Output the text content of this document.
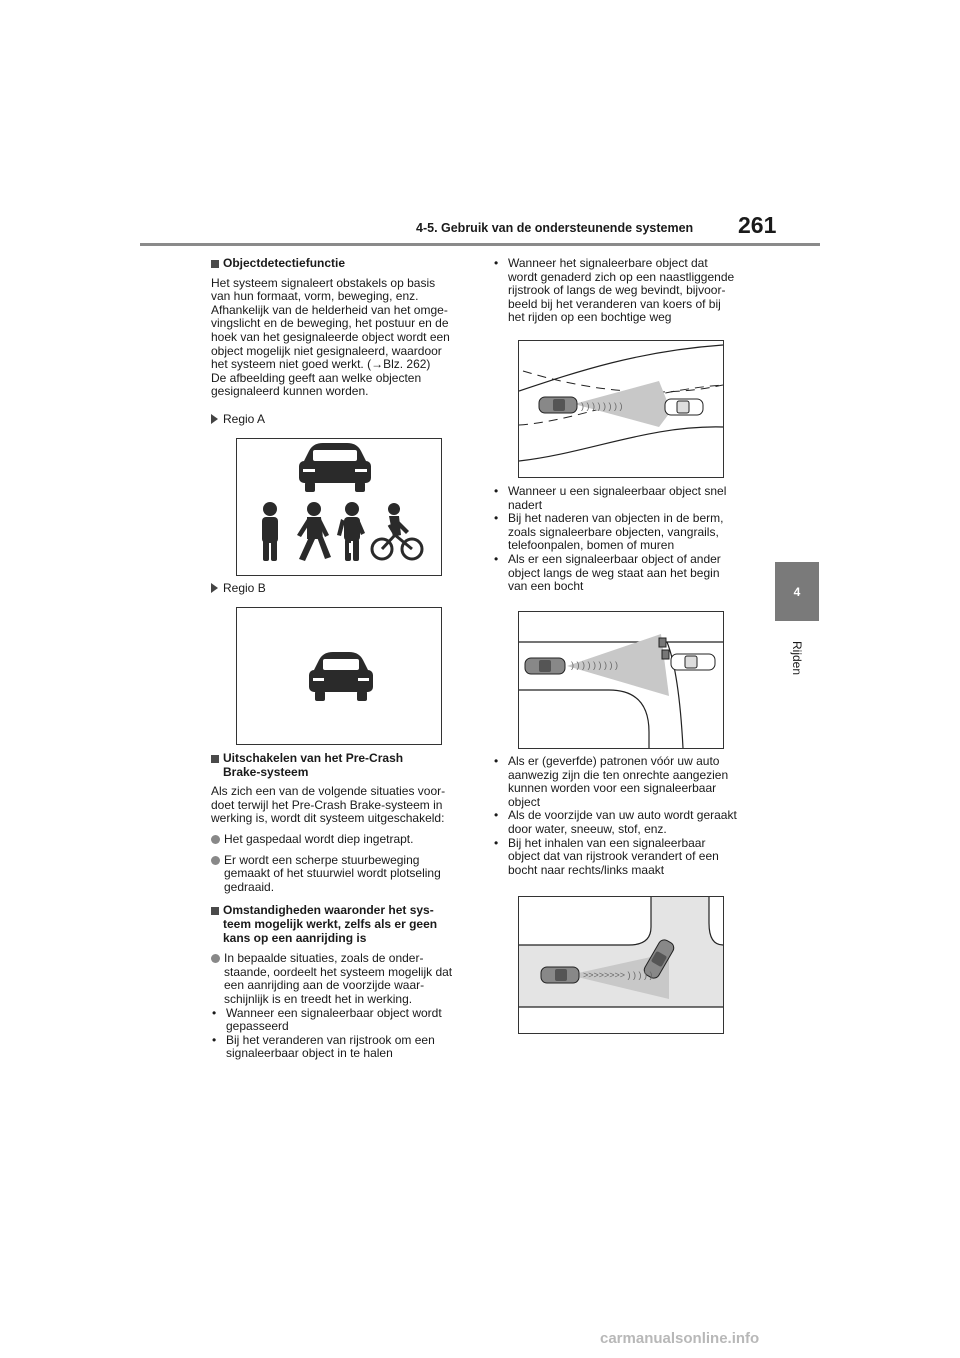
4-5. Gebruik van de ondersteunende systemen 261
4
Rijden
Objectdetectiefunctie

Het systeem signaleert obstakels op basis

van hun formaat, vorm, beweging, enz.

Afhankelijk van de helderheid van het omge-

vingslicht en de beweging, het postuur en de

hoek van het gesignaleerde object wordt een

object mogelijk niet gesignaleerd, waardoor

het systeem niet goed werkt. (→Blz. 262)

De afbeelding geeft aan welke objecten

gesignaleerd kunnen worden.

Regio A
Regio B

Uitschakelen van het Pre-Crash

Brake-systeem

Als zich een van de volgende situaties voor-

doet terwijl het Pre-Crash Brake-systeem in

werking is, wordt dit systeem uitgeschakeld:

Het gaspedaal wordt diep ingetrapt.

Er wordt een scherpe stuurbeweging

gemaakt of het stuurwiel wordt plotseling

gedraaid.

Omstandigheden waaronder het sys-

teem mogelijk werkt, zelfs als er geen

kans op een aanrijding is

In bepaalde situaties, zoals de onder-

staande, oordeelt het systeem mogelijk dat

een aanrijding aan de voorzijde waar-

schijnlijk is en treedt het in werking.

• Wanneer een signaleerbaar object wordt

gepasseerd

• Bij het veranderen van rijstrook om een

signaleerbaar object in te halen

• Wanneer het signaleerbare object dat

wordt genaderd zich op een naastliggende

rijstrook of langs de weg bevindt, bijvoor-

beeld bij het veranderen van koers of bij

het rijden op een bochtige weg

) ) ) ) ) ) ) )
• Wanneer u een signaleerbaar object snel

nadert

• Bij het naderen van objecten in de berm,

zoals signaleerbare objecten, vangrails,

telefoonpalen, bomen of muren

• Als er een signaleerbaar object of ander

object langs de weg staat aan het begin

van een bocht

) ) ) ) ) ) ) ) )
• Als er (geverfde) patronen vóór uw auto

aanwezig zijn die ten onrechte aangezien

kunnen worden voor een signaleerbaar

object

• Als de voorzijde van uw auto wordt geraakt

door water, sneeuw, stof, enz.

• Bij het inhalen van een signaleerbaar

object dat van rijstrook verandert of een

bocht naar rechts/links maakt

>>>>>>>> ) ) ) ) )
carmanualsonline.info
